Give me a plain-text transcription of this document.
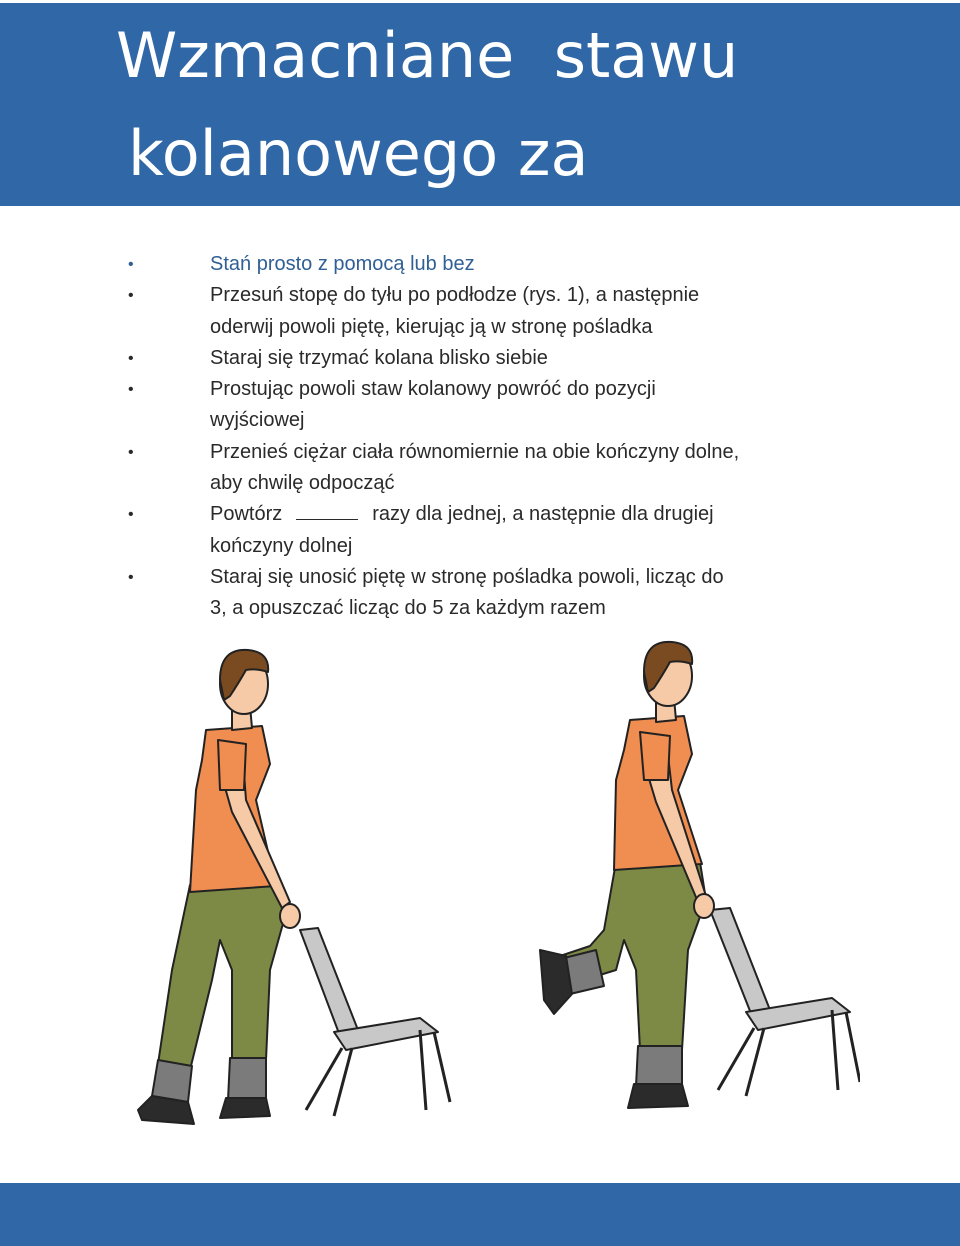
Wzmacniane  stawu
kolanowego za
•	Stań prosto z pomocą lub bez
•	Przesuń stopę do tyłu po podłodze (rys. 1), a następnie
oderwij powoli piętę, kierując ją w stronę pośladka
•	Staraj się trzymać kolana blisko siebie
•	Prostując powoli staw kolanowy powróć do pozycji
wyjściowej
•	Przenieś ciężar ciała równomiernie na obie kończyny dolne,
aby chwilę odpocząć
•	Powtórz	razy dla jednej, a następnie dla drugiej
kończyny dolnej
•	Staraj się unosić piętę w stronę pośladka powoli, licząc do
3, a opuszczać licząc do 5 za każdym razem
